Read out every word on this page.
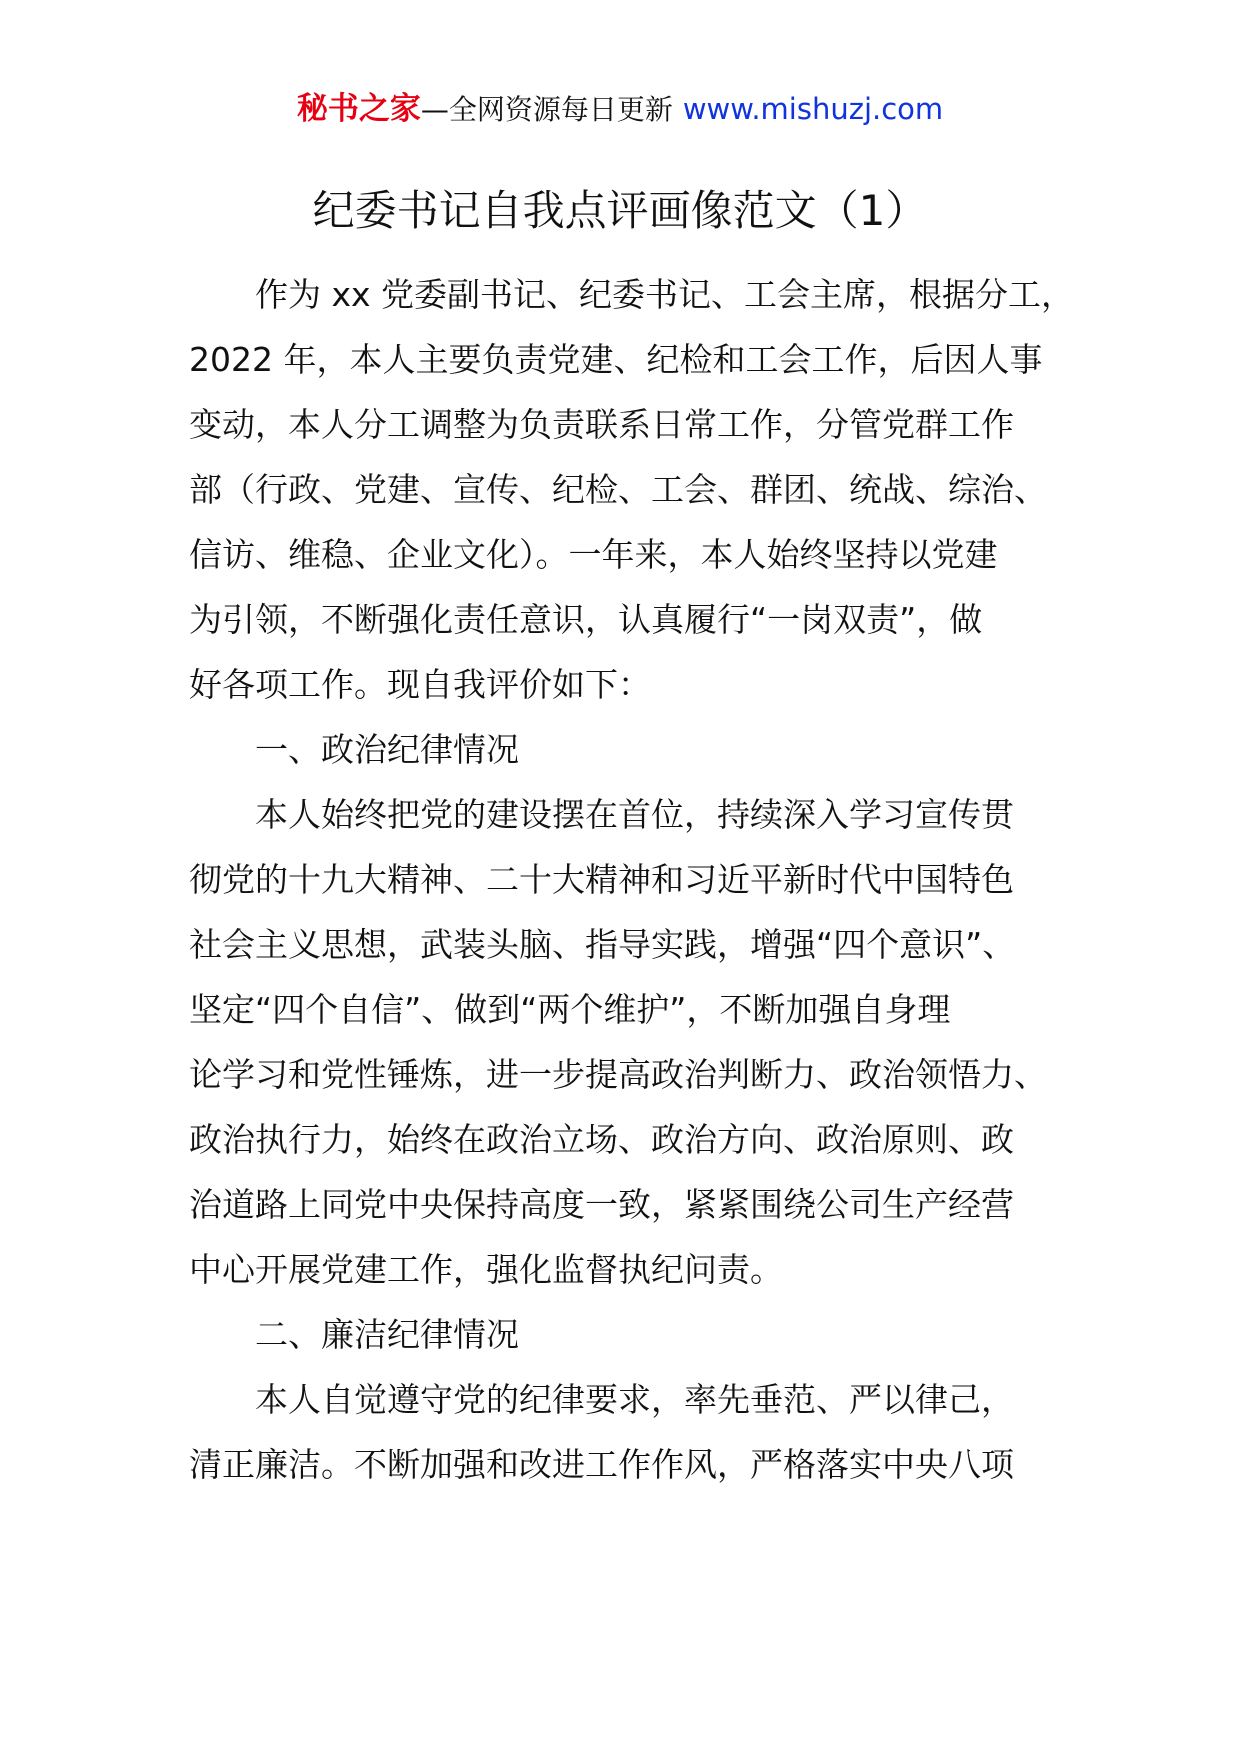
秘书之家—全网资源每日更新 www.mishuzj.com
纪委书记自我点评画像范文（1）
作为 xx 党委副书记、纪委书记、工会主席，根据分工，
2022 年，本人主要负责党建、纪检和工会工作，后因人事
变动，本人分工调整为负责联系日常工作，分管党群工作
部（行政、党建、宣传、纪检、工会、群团、统战、综治、
信访、维稳、企业文化）。一年来，本人始终坚持以党建
为引领，不断强化责任意识，认真履行“一岗双责”，做
好各项工作。现自我评价如下：
一、政治纪律情况
本人始终把党的建设摆在首位，持续深入学习宣传贯
彻党的十九大精神、二十大精神和习近平新时代中国特色
社会主义思想，武装头脑、指导实践，增强“四个意识”、
坚定“四个自信”、做到“两个维护”，不断加强自身理
论学习和党性锤炼，进一步提高政治判断力、政治领悟力、
政治执行力，始终在政治立场、政治方向、政治原则、政
治道路上同党中央保持高度一致，紧紧围绕公司生产经营
中心开展党建工作，强化监督执纪问责。
二、廉洁纪律情况
本人自觉遵守党的纪律要求，率先垂范、严以律己，
清正廉洁。不断加强和改进工作作风，严格落实中央八项
